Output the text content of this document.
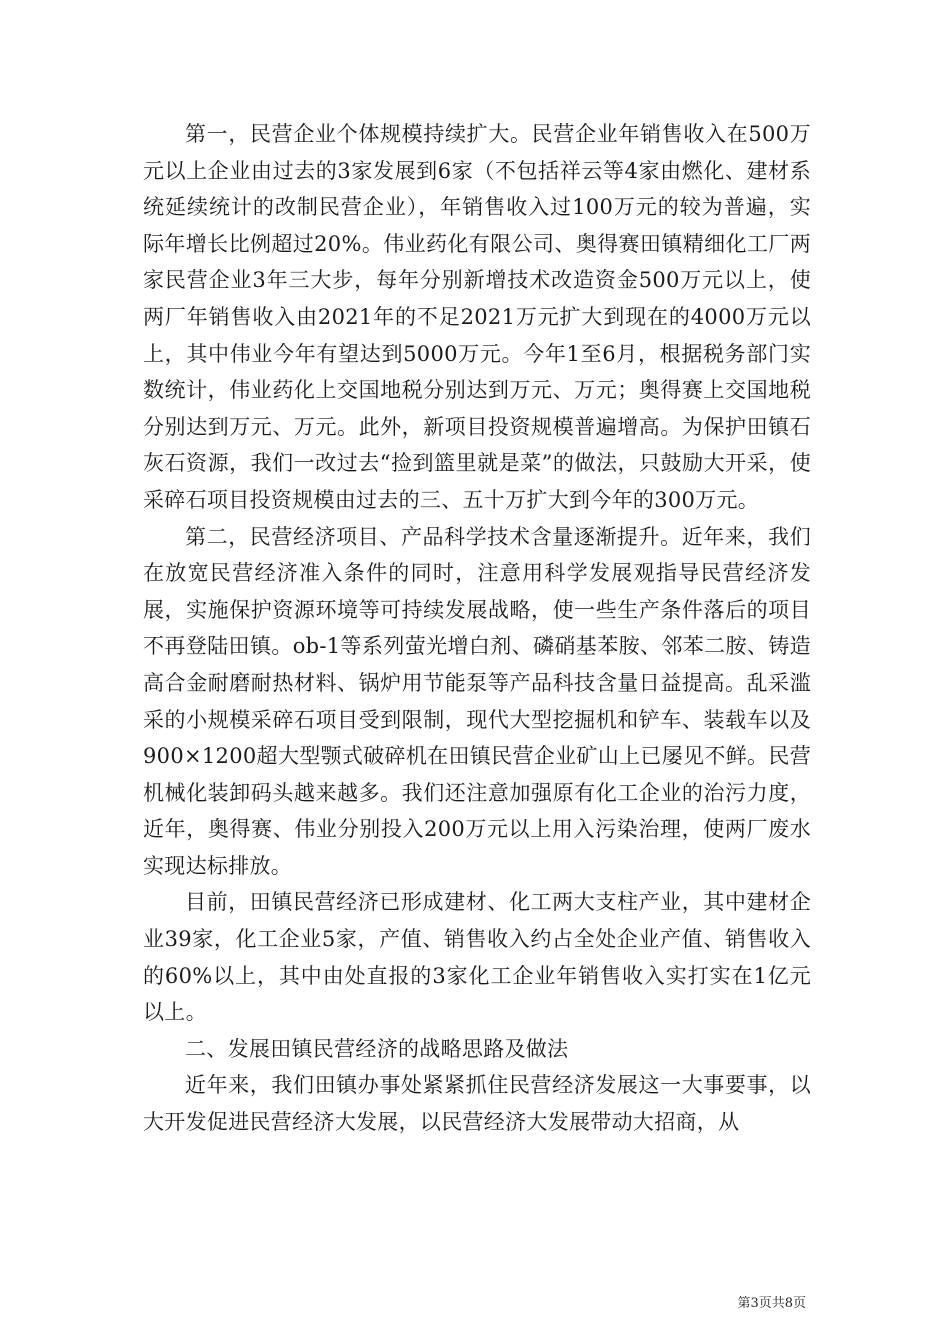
第一，民营企业个体规模持续扩大。民营企业年销售收入在500万元以上企业由过去的3家发展到6家（不包括祥云等4家由燃化、建材系统延续统计的改制民营企业），年销售收入过100万元的较为普遍，实际年增长比例超过20%。伟业药化有限公司、奥得赛田镇精细化工厂两家民营企业3年三大步，每年分别新增技术改造资金500万元以上，使两厂年销售收入由2021年的不足2021万元扩大到现在的4000万元以上，其中伟业今年有望达到5000万元。今年1至6月，根据税务部门实数统计，伟业药化上交国地税分别达到万元、万元；奥得赛上交国地税分别达到万元、万元。此外，新项目投资规模普遍增高。为保护田镇石灰石资源，我们一改过去“捡到篮里就是菜”的做法，只鼓励大开采，使采碎石项目投资规模由过去的三、五十万扩大到今年的300万元。

第二，民营经济项目、产品科学技术含量逐渐提升。近年来，我们在放宽民营经济准入条件的同时，注意用科学发展观指导民营经济发展，实施保护资源环境等可持续发展战略，使一些生产条件落后的项目不再登陆田镇。ob-1等系列萤光增白剂、磷硝基苯胺、邻苯二胺、铸造高合金耐磨耐热材料、锅炉用节能泵等产品科技含量日益提高。乱采滥采的小规模采碎石项目受到限制，现代大型挖掘机和铲车、装载车以及900×1200超大型颚式破碎机在田镇民营企业矿山上已屡见不鲜。民营机械化装卸码头越来越多。我们还注意加强原有化工企业的治污力度，近年，奥得赛、伟业分别投入200万元以上用入污染治理，使两厂废水实现达标排放。

目前，田镇民营经济已形成建材、化工两大支柱产业，其中建材企业39家，化工企业5家，产值、销售收入约占全处企业产值、销售收入的60%以上，其中由处直报的3家化工企业年销售收入实打实在1亿元以上。

二、发展田镇民营经济的战略思路及做法

近年来，我们田镇办事处紧紧抓住民营经济发展这一大事要事，以大开发促进民营经济大发展，以民营经济大发展带动大招商，从

第3页共8页
